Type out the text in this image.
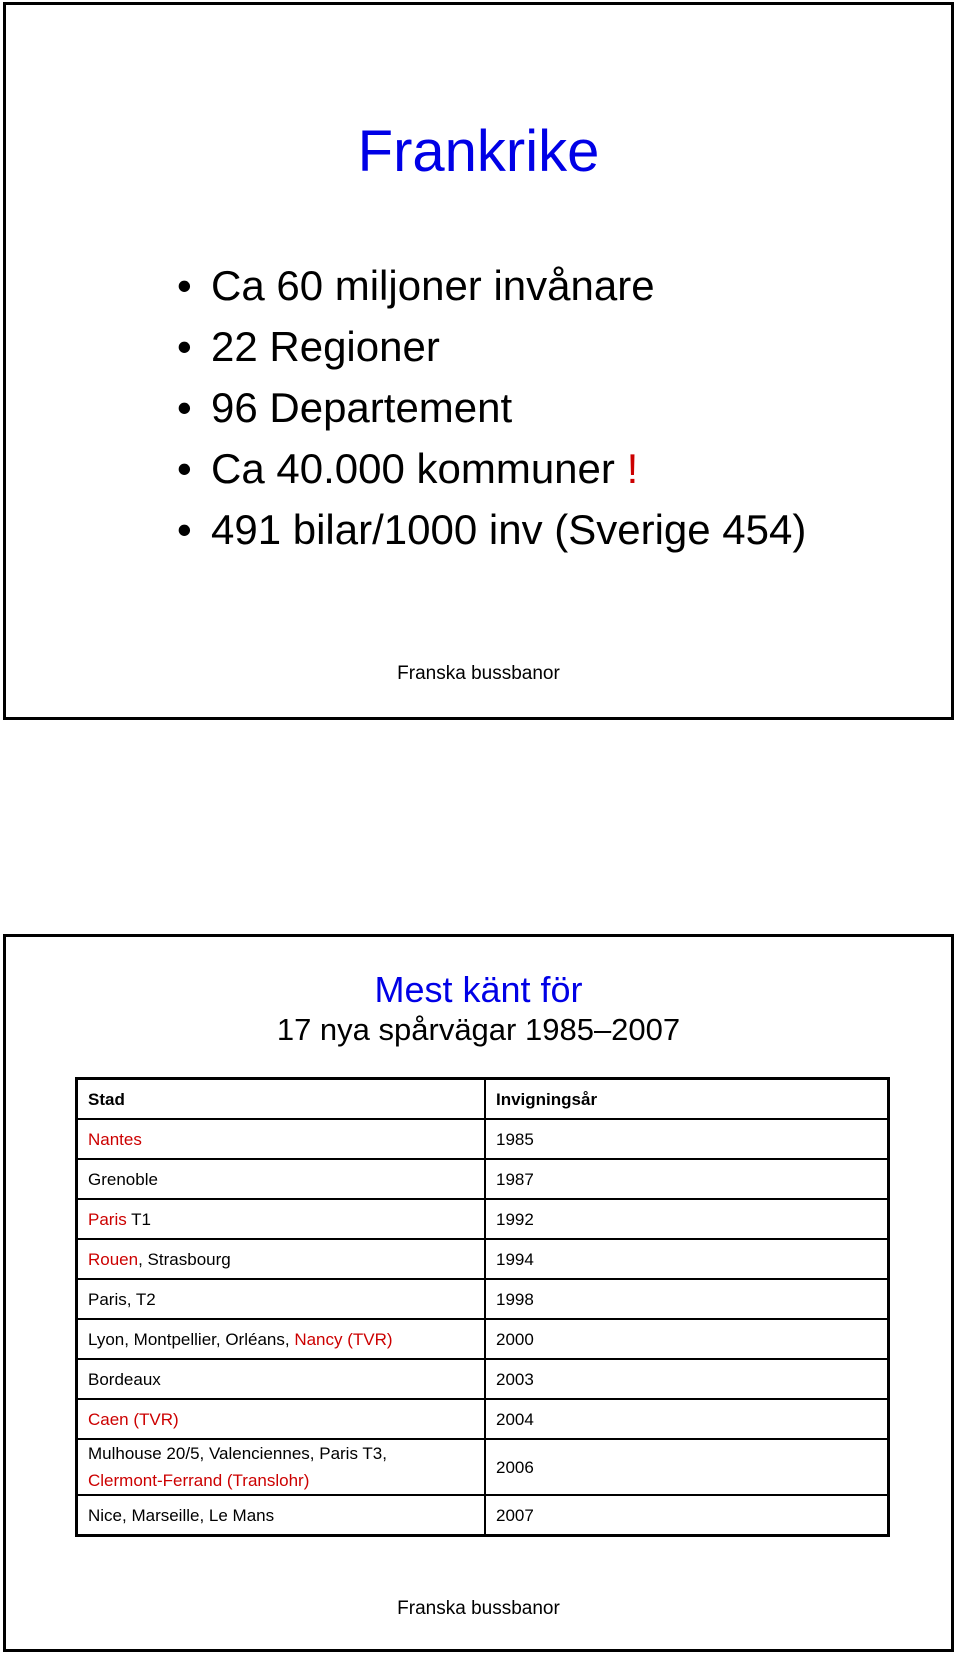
Frankrike
• Ca 60 miljoner invånare
• 22 Regioner
• 96 Departement
• Ca 40.000 kommuner !
• 491 bilar/1000 inv (Sverige 454)
Franska bussbanor
Mest känt för
17 nya spårvägar 1985–2007
Stad	Invigningsår
Nantes	1985
Grenoble	1987
Paris T1	1992
Rouen, Strasbourg	1994
Paris, T2	1998
Lyon, Montpellier, Orléans, Nancy (TVR)	2000
Bordeaux	2003
Caen (TVR)	2004
Mulhouse 20/5, Valenciennes, Paris T3,
Clermont-Ferrand (Translohr)	2006
Nice, Marseille, Le Mans	2007
Franska bussbanor
